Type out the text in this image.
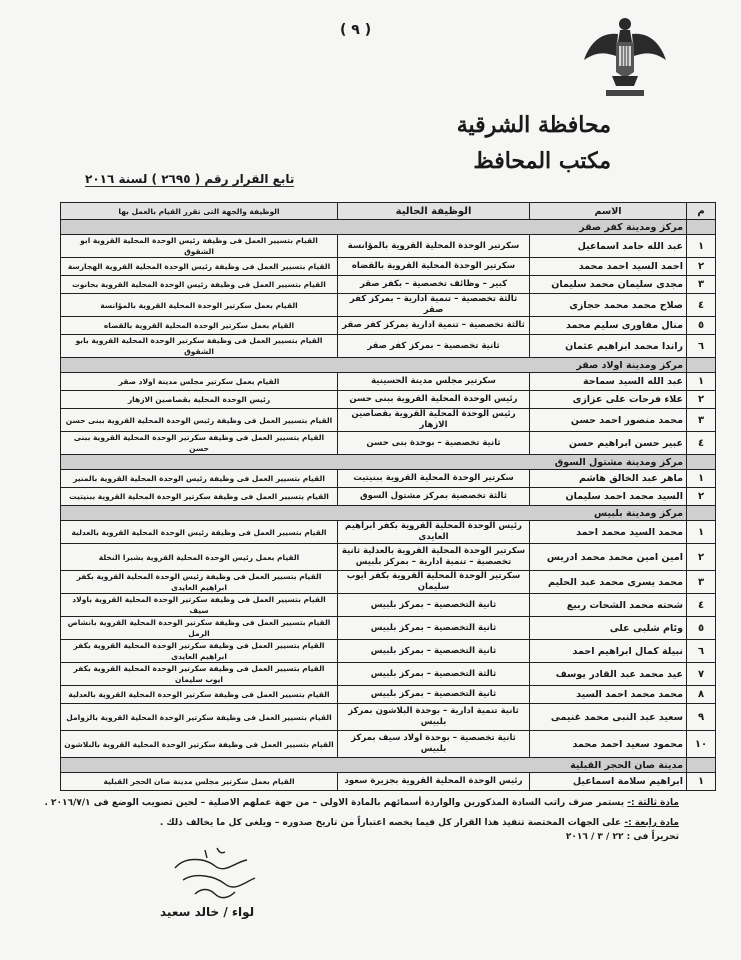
( ٩ )
محافظة الشرقية
مكتب المحافظ
تابع القرار رقم ( ٢٦٩٥ ) لسنة ٢٠١٦
م	الاسم	الوظيفة الحالية	الوظيفة والجهة التى تقرر القيام بالعمل بها
	مركز ومدينة كفر صقر		
١	عبد الله حامد اسماعيل	سكرتير الوحدة المحلية القروية بالمؤانسة	القيام بتسيير العمل فى وظيفة رئيس الوحدة المحلية القروية ابو الشقوق
٢	احمد السيد احمد محمد	سكرتير الوحدة المحلية القروية بالقضاه	القيام بتسيير العمل فى وظيفة رئيس الوحدة المحلية القروية الهجارسة
٣	مجدى سليمان محمد سليمان	كبير – وظائف تخصصية – بكفر صقر	القيام بتسيير العمل فى وظيفة رئيس الوحدة المحلية القروية بحانوت
٤	صلاح محمد محمد حجازى	ثالثة تخصصية – تنمية ادارية – بمركز كفر صقر	القيام بعمل سكرتير الوحدة المحلية القروية بالمؤانسة
٥	منال مفاورى سليم محمد	ثالثة تخصصية – تنمية ادارية بمركز كفر صقر	القيام بعمل سكرتير الوحدة المحلية القروية بالقضاه
٦	راندا محمد ابراهيم عثمان	ثانية تخصصية – بمركز كفر صقر	القيام بتسيير العمل فى وظيفة سكرتير الوحدة المحلية القروية بابو الشقوق
	مركز ومدينة اولاد صقر		
١	عبد الله السيد سماحة	سكرتير مجلس مدينة الحسينية	القيام بعمل سكرتير مجلس مدينة اولاد صقر
٢	علاء فرحات على عزازى	رئيس الوحدة المحلية القروية ببنى حسن	رئيس الوحدة المحلية بقصاصين الازهار
٣	محمد منصور احمد حسن	رئيس الوحدة المحلية القروية بقصاصين الازهار	القيام بتسيير العمل فى وظيفة رئيس الوحدة المحلية القروية ببنى حسن
٤	عبير حسن ابراهيم حسن	ثانية تخصصية – بوحدة بنى حسن	القيام بتسيير العمل فى وظيفة سكرتير الوحدة المحلية القروية ببنى حسن
	مركز ومدينة مشتول السوق		
١	ماهر عبد الخالق هاشم	سكرتير الوحدة المحلية القروية ببنيتيت	القيام بتسيير العمل فى وظيفة رئيس الوحدة المحلية القروية بالمنير
٢	السيد محمد احمد سليمان	ثالثة تخصصية بمركز مشتول السوق	القيام بتسيير العمل فى وظيفة سكرتير الوحدة المحلية القروية ببنيتيت
	مركز ومدينة بلبيس		
١	محمد السيد محمد احمد	رئيس الوحدة المحلية القروية بكفر ابراهيم العايدى	القيام بتسيير العمل فى وظيفة رئيس الوحدة المحلية القروية بالعدلية
٢	امين امين محمد محمد ادريس	سكرتير الوحدة المحلية القروية بالعدلية ثانية تخصصية – تنمية ادارية – بمركز بلبيس	القيام بعمل رئيس الوحدة المحلية القروية بشبرا النخلة
٣	محمد يسرى محمد عبد الحليم	سكرتير الوحدة المحلية القروية بكفر ايوب سليمان	القيام بتسيير العمل فى وظيفة رئيس الوحدة المحلية القروية بكفر ابراهيم العايدى
٤	شحته محمد الشحات ربيع	ثانية التخصصية – بمركز بلبيس	القيام بتسيير العمل فى وظيفة سكرتير الوحدة المحلية القروية باولاد سيف
٥	وئام شلبى على	ثانية التخصصية – بمركز بلبيس	القيام بتسيير العمل فى وظيفة سكرتير الوحدة المحلية القروية بانشاص الرمل
٦	نبيلة كمال ابراهيم احمد	ثانية التخصصية – بمركز بلبيس	القيام بتسيير العمل فى وظيفة سكرتير الوحدة المحلية القروية بكفر ابراهيم العايدى
٧	عيد محمد عبد القادر يوسف	ثالثة التخصصية – بمركز بلبيس	القيام بتسيير العمل فى وظيفة سكرتير الوحدة المحلية القروية بكفر ايوب سليمان
٨	محمد محمد احمد السيد	ثانية التخصصية – بمركز بلبيس	القيام بتسيير العمل فى وظيفة سكرتير الوحدة المحلية القروية بالعدلية
٩	سعيد عبد النبى محمد غنيمى	ثانية تنمية ادارية – بوحدة البلاشون بمركز بلبيس	القيام بتسيير العمل فى وظيفة سكرتير الوحدة المحلية القروية بالزوامل
١٠	محمود سعيد احمد محمد	ثانية تخصصية – بوحدة اولاد سيف بمركز بلبيس	القيام بتسيير العمل فى وظيفة سكرتير الوحدة المحلية القروية بالبلاشون
	مدينة صان الحجر القبلية		
١	ابراهيم سلامة اسماعيل	رئيس الوحدة المحلية القروية بجزيرة سعود	القيام بعمل سكرتير مجلس مدينة صان الحجر القبلية
مادة ثالثة :- يستمر صرف راتب السادة المذكورين والواردة أسمائهم بالمادة الاولى – من جهة عملهم الاصلية – لحين تصويب الوضع فى ٢٠١٦/٧/١ .
مادة رابعة :- على الجهات المختصة تنفيذ هذا القرار كل فيما يخصه اعتباراً من تاريخ صدوره – ويلغى كل ما يخالف ذلك .
تحريراً فى : ٢٢ / ٣ / ٢٠١٦
لواء / خالد سعيد
